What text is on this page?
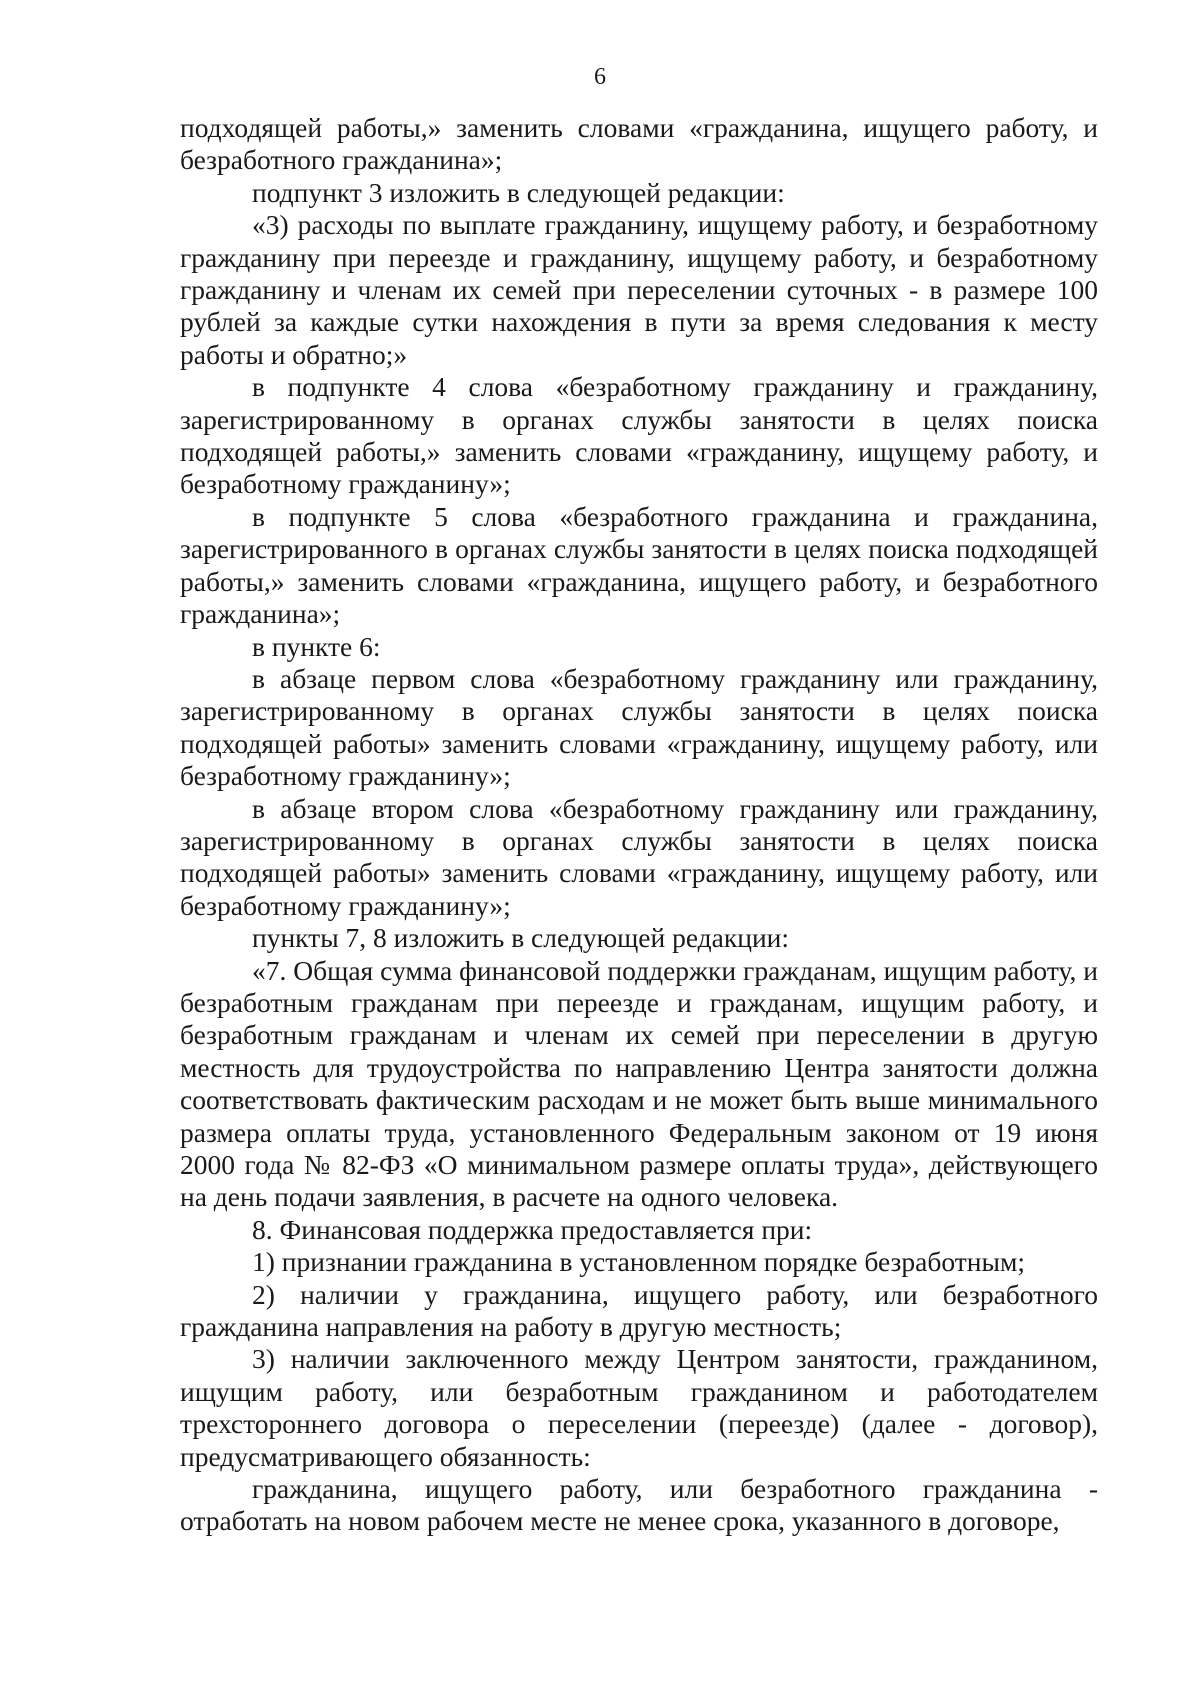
6

подходящей работы,» заменить словами «гражданина, ищущего работу, и безработного гражданина»;

подпункт 3 изложить в следующей редакции:

«3) расходы по выплате гражданину, ищущему работу, и безработному гражданину при переезде и гражданину, ищущему работу, и безработному гражданину и членам их семей при переселении суточных - в размере 100 рублей за каждые сутки нахождения в пути за время следования к месту работы и обратно;»

в подпункте 4 слова «безработному гражданину и гражданину, зарегистрированному в органах службы занятости в целях поиска подходящей работы,» заменить словами «гражданину, ищущему работу, и безработному гражданину»;

в подпункте 5 слова «безработного гражданина и гражданина, зарегистрированного в органах службы занятости в целях поиска подходящей работы,» заменить словами «гражданина, ищущего работу, и безработного гражданина»;

в пункте 6:

в абзаце первом слова «безработному гражданину или гражданину, зарегистрированному в органах службы занятости в целях поиска подходящей работы» заменить словами «гражданину, ищущему работу, или безработному гражданину»;

в абзаце втором слова «безработному гражданину или гражданину, зарегистрированному в органах службы занятости в целях поиска подходящей работы» заменить словами «гражданину, ищущему работу, или безработному гражданину»;

пункты 7, 8 изложить в следующей редакции:

«7. Общая сумма финансовой поддержки гражданам, ищущим работу, и безработным гражданам при переезде и гражданам, ищущим работу, и безработным гражданам и членам их семей при переселении в другую местность для трудоустройства по направлению Центра занятости должна соответствовать фактическим расходам и не может быть выше минимального размера оплаты труда, установленного Федеральным законом от 19 июня 2000 года № 82-ФЗ «О минимальном размере оплаты труда», действующего на день подачи заявления, в расчете на одного человека.

8. Финансовая поддержка предоставляется при:

1) признании гражданина в установленном порядке безработным;

2) наличии у гражданина, ищущего работу, или безработного гражданина направления на работу в другую местность;

3) наличии заключенного между Центром занятости, гражданином, ищущим работу, или безработным гражданином и работодателем трехстороннего договора о переселении (переезде) (далее - договор), предусматривающего обязанность:

гражданина, ищущего работу, или безработного гражданина - отработать на новом рабочем месте не менее срока, указанного в договоре,
